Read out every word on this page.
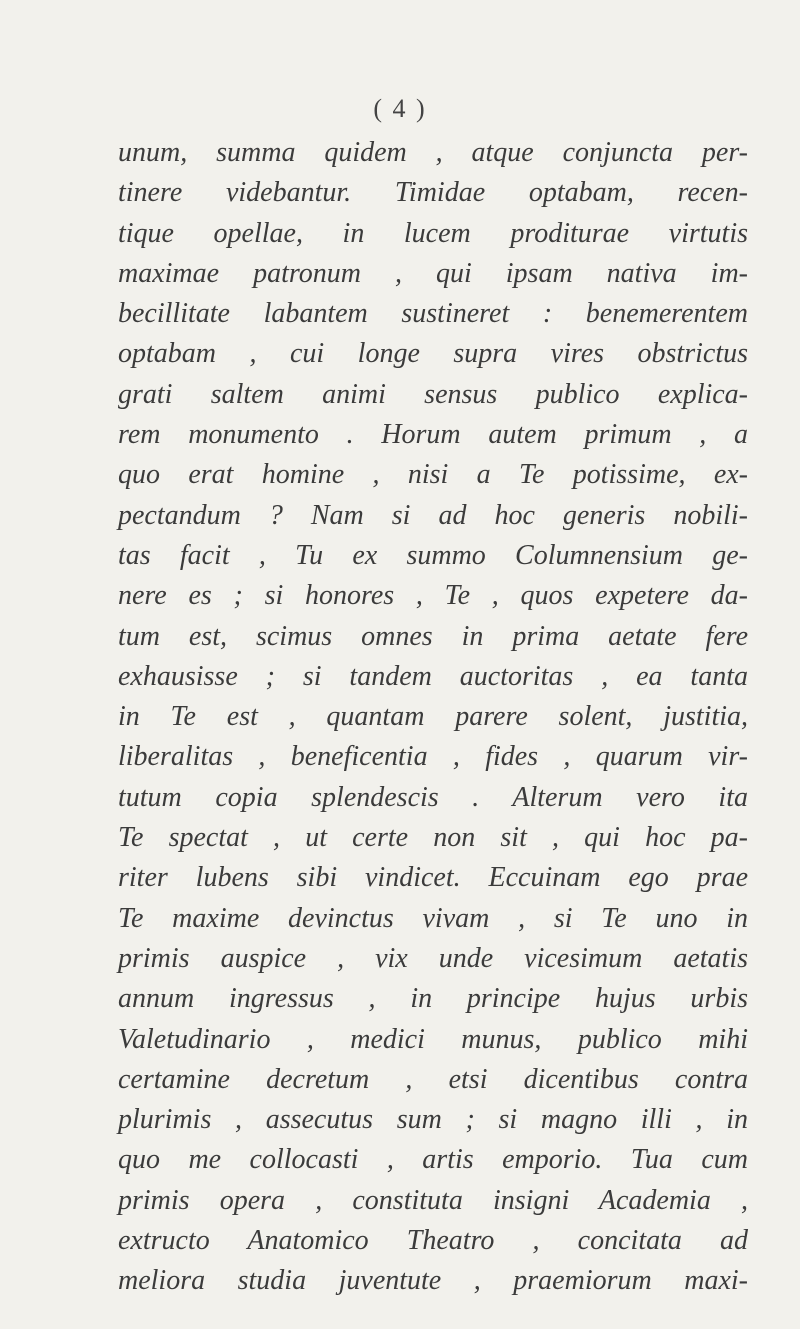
( 4 )
unum, summa quidem , atque conjuncta per-
tinere videbantur. Timidae optabam, recen-
tique opellae, in lucem proditurae virtutis
maximae patronum , qui ipsam nativa im-
becillitate labantem sustineret : benemerentem
optabam , cui longe supra vires obstrictus
grati saltem animi sensus publico explica-
rem monumento . Horum autem primum , a
quo erat homine , nisi a Te potissime, ex-
pectandum ? Nam si ad hoc generis nobili-
tas facit , Tu ex summo Columnensium ge-
nere es ; si honores , Te , quos expetere da-
tum est, scimus omnes in prima aetate fere
exhausisse ; si tandem auctoritas , ea tanta
in Te est , quantam parere solent, justitia,
liberalitas , beneficentia , fides , quarum vir-
tutum copia splendescis . Alterum vero ita
Te spectat , ut certe non sit , qui hoc pa-
riter lubens sibi vindicet. Eccuinam ego prae
Te maxime devinctus vivam , si Te uno in
primis auspice , vix unde vicesimum aetatis
annum ingressus , in principe hujus urbis
Valetudinario , medici munus, publico mihi
certamine decretum , etsi dicentibus contra
plurimis , assecutus sum ; si magno illi , in
quo me collocasti , artis emporio. Tua cum
primis opera , constituta insigni Academia ,
extructo Anatomico Theatro , concitata ad
meliora studia juventute , praemiorum maxi-
